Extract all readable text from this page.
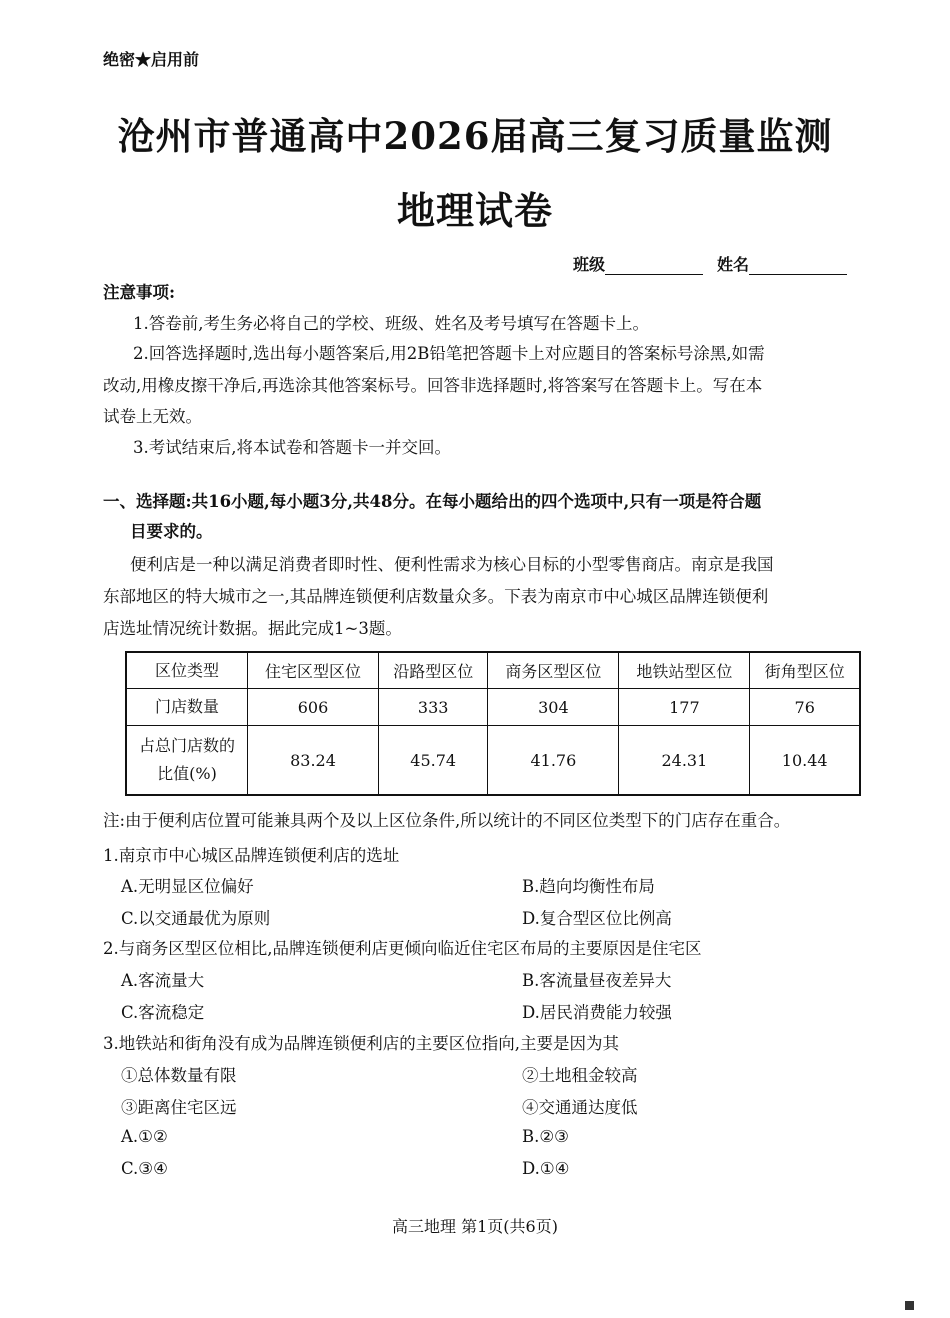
绝密★启用前
沧州市普通高中2026届高三复习质量监测
地理试卷
班级	姓名
注意事项:
1.答卷前,考生务必将自己的学校、班级、姓名及考号填写在答题卡上。
2.回答选择题时,选出每小题答案后,用2B铅笔把答题卡上对应题目的答案标号涂黑,如需
改动,用橡皮擦干净后,再选涂其他答案标号。回答非选择题时,将答案写在答题卡上。写在本
试卷上无效。
3.考试结束后,将本试卷和答题卡一并交回。
一、选择题:共16小题,每小题3分,共48分。在每小题给出的四个选项中,只有一项是符合题
目要求的。
便利店是一种以满足消费者即时性、便利性需求为核心目标的小型零售商店。南京是我国
东部地区的特大城市之一,其品牌连锁便利店数量众多。下表为南京市中心城区品牌连锁便利
店选址情况统计数据。据此完成1~3题。
区位类型	住宅区型区位	沿路型区位	商务区型区位	地铁站型区位	街角型区位
门店数量	606	333	304	177	76

占总门店数的
比值(%)	83.24	45.74	41.76	24.31	10.44
注:由于便利店位置可能兼具两个及以上区位条件,所以统计的不同区位类型下的门店存在重合。
1.南京市中心城区品牌连锁便利店的选址
A.无明显区位偏好	B.趋向均衡性布局
C.以交通最优为原则	D.复合型区位比例高
2.与商务区型区位相比,品牌连锁便利店更倾向临近住宅区布局的主要原因是住宅区
A.客流量大	B.客流量昼夜差异大
C.客流稳定	D.居民消费能力较强
3.地铁站和街角没有成为品牌连锁便利店的主要区位指向,主要是因为其
①总体数量有限	②土地租金较高
③距离住宅区远	④交通通达度低
A.①②	B.②③
C.③④	D.①④
高三地理 第1页(共6页)
